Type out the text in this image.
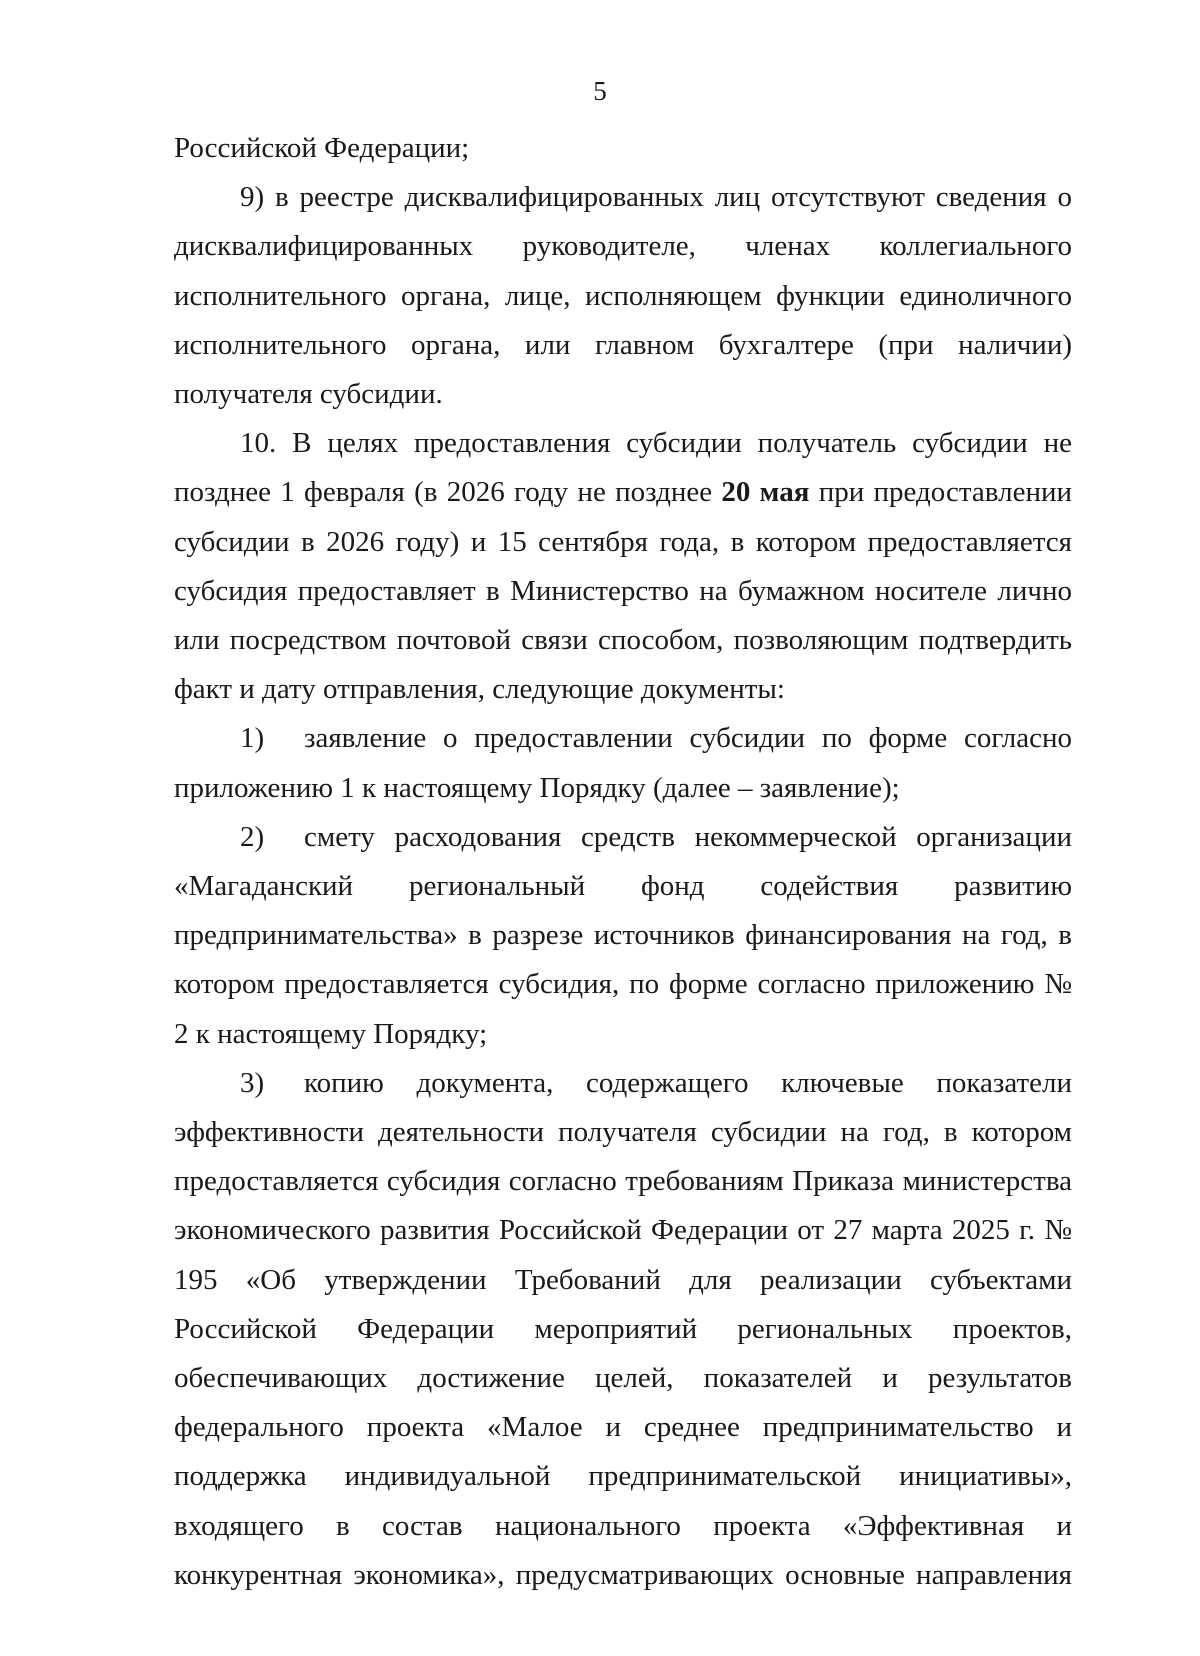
5

Российской Федерации;

9) в реестре дисквалифицированных лиц отсутствуют сведения о дисквалифицированных руководителе, членах коллегиального исполнительного органа, лице, исполняющем функции единоличного исполнительного органа, или главном бухгалтере (при наличии) получателя субсидии.

10. В целях предоставления субсидии получатель субсидии не позднее 1 февраля (в 2026 году не позднее 20 мая при предоставлении субсидии в 2026 году) и 15 сентября года, в котором предоставляется субсидия предоставляет в Министерство на бумажном носителе лично или посредством почтовой связи способом, позволяющим подтвердить факт и дату отправления, следующие документы:

1) заявление о предоставлении субсидии по форме согласно приложению 1 к настоящему Порядку (далее – заявление);

2) смету расходования средств некоммерческой организации «Магаданский региональный фонд содействия развитию предпринимательства» в разрезе источников финансирования на год, в котором предоставляется субсидия, по форме согласно приложению № 2 к настоящему Порядку;

3) копию документа, содержащего ключевые показатели эффективности деятельности получателя субсидии на год, в котором предоставляется субсидия согласно требованиям Приказа министерства экономического развития Российской Федерации от 27 марта 2025 г. № 195 «Об утверждении Требований для реализации субъектами Российской Федерации мероприятий региональных проектов, обеспечивающих достижение целей, показателей и результатов федерального проекта «Малое и среднее предпринимательство и поддержка индивидуальной предпринимательской инициативы», входящего в состав национального проекта «Эффективная и конкурентная экономика», предусматривающих основные направления
